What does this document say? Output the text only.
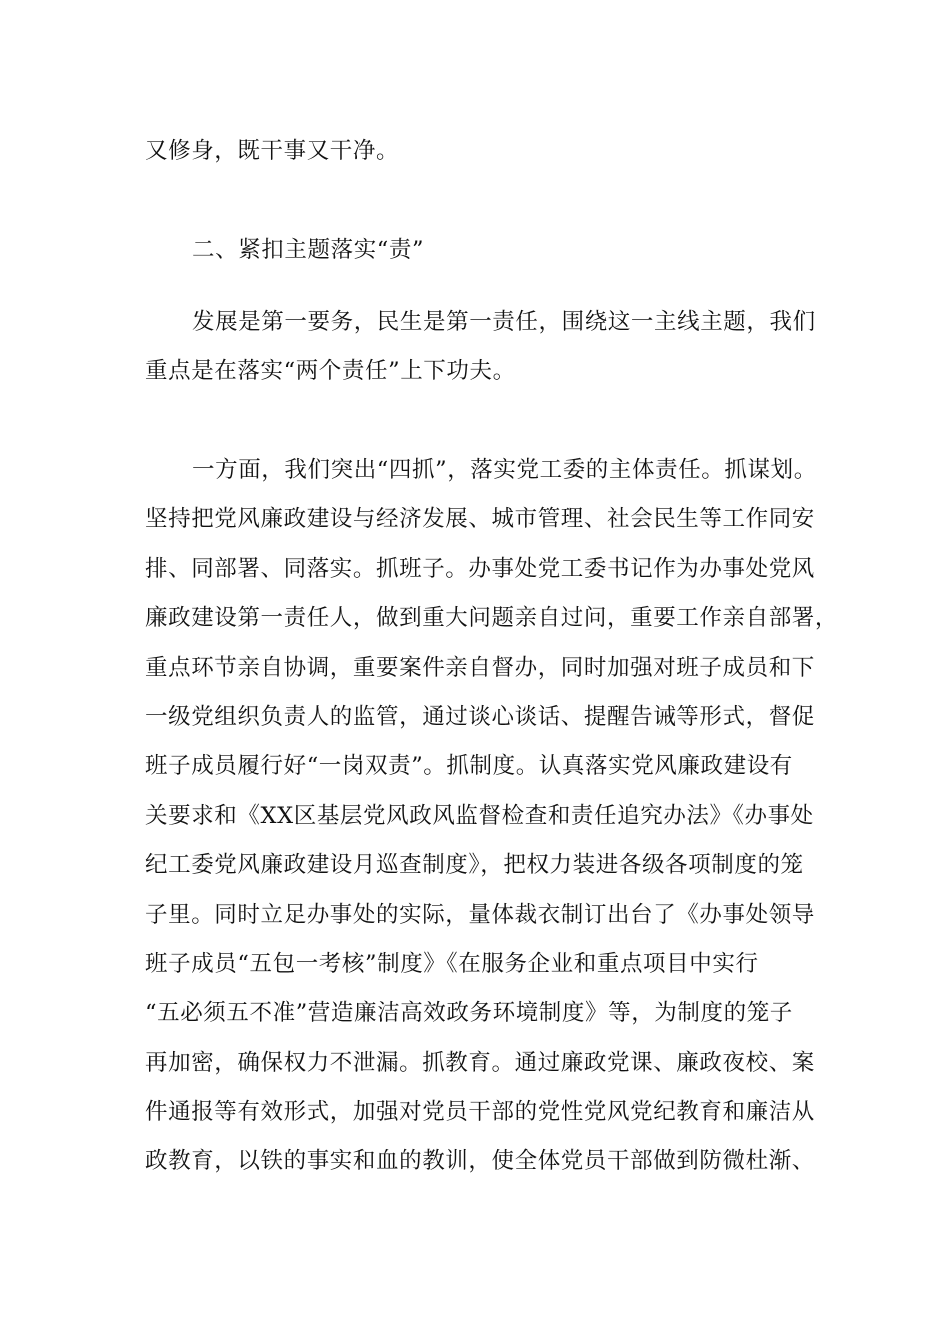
又修身，既干事又干净。
二、紧扣主题落实“责”
发展是第一要务，民生是第一责任，围绕这一主线主题，我们
重点是在落实“两个责任”上下功夫。
一方面，我们突出“四抓”，落实党工委的主体责任。抓谋划。
坚持把党风廉政建设与经济发展、城市管理、社会民生等工作同安
排、同部署、同落实。抓班子。办事处党工委书记作为办事处党风
廉政建设第一责任人，做到重大问题亲自过问，重要工作亲自部署，
重点环节亲自协调，重要案件亲自督办，同时加强对班子成员和下
一级党组织负责人的监管，通过谈心谈话、提醒告诫等形式，督促
班子成员履行好“一岗双责”。抓制度。认真落实党风廉政建设有
关要求和《XX区基层党风政风监督检查和责任追究办法》《办事处
纪工委党风廉政建设月巡查制度》，把权力装进各级各项制度的笼
子里。同时立足办事处的实际，量体裁衣制订出台了《办事处领导
班子成员“五包一考核”制度》《在服务企业和重点项目中实行
“五必须五不准”营造廉洁高效政务环境制度》等，为制度的笼子
再加密，确保权力不泄漏。抓教育。通过廉政党课、廉政夜校、案
件通报等有效形式，加强对党员干部的党性党风党纪教育和廉洁从
政教育，以铁的事实和血的教训，使全体党员干部做到防微杜渐、
